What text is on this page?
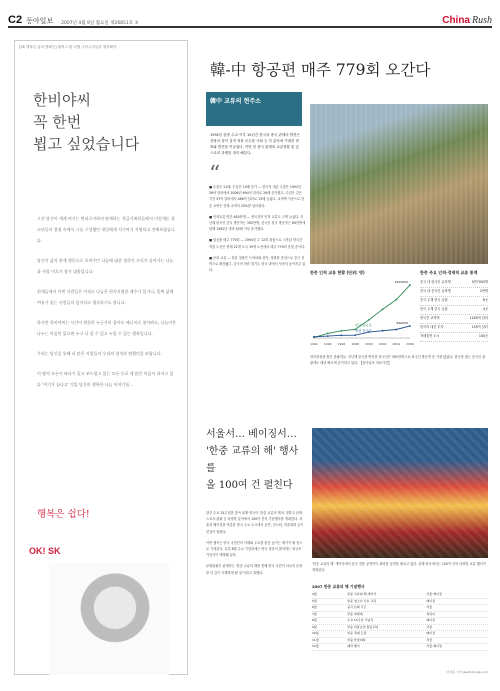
C2 동아일보 2007년 4월 9일 월요일 제26851호 ⑤	China Rush
[SK 행복한 삶의 캠페인] 뭘싸고 환 나꿨 국어주의일을 행복해야
한비야씨
꼭 한번
뵙고 싶었습니다

그건 당신이 세계 여기는 변리로이하며 탐색하는 천금가족한들에서 이렇게든 청소년들의 열정 속에서 그를 구성했던 내일에게 저기여기 저명되고 전해보였습니다.

당신이 삶의 현재 행동으로 보여주던 나눔에 대한 생각이 우리가 살아가는 나눔과 사랑 이으키 참가 대합입니다.

현재들에서 어떤 사람들은 아직도 나눔은 현지지명한 재주가 있거나, 훌쩍 삶에 여유가 있는 사람들의 몫이라고 생각하기도 합니다.

하지만 한비야씨는 시간이 원한한 누군가의 잡아오 에너지로 찾아봐도, 나눔이은 나누는 마음만 있으면 누구 나 할 수 있고 누입 수 있는 행복입니다.

우리는 당신을 통해 더 많은 사람들이 우리의 광석과 탐했던을 바랍니다.

이 땅의 모든이 바다가 있고 부드럽고 있는 모든 동료 데 많은 마음이 하지고 있다 '여기가 끝나고' 것입 당신의 행복한 나눔 이야기를...

행복은 쉽다!
OK! SK
韓-中 항공편 매주 779회 오간다
韓中 교류의 현주소
1992년 한중 수교 이후 15년간 한국과 중국 관계의 발전은 상당의 점이 질적 성장 모두를 사회 등 각 분야에 거대한 변화와 발전을 이끌었다. 이번 한 중국 관계의 교류현황 및 앞으로의 과제를 정리 해본다.
“

■ 수출은 21배, 수입은 10배 증가 — 한국의 대중 수출은 1992년 26억 달러에서 2006년 694억 달러로 26배 증가했고, 수입은 같은 기간 37억 달러에서 486억 달러로 13배 늘었다. 교역액 기준으로 한중 교역은 전체 교역의 20%를 넘어섰다.

■ 인적교류 연간 480만명 — 양국간의 인적 교류도 크게 늘었다. 지난해 한국인 중국 방문자는 392만명, 중국인 한국 방문자는 89만명에 달해 1992년 대비 30배 이상 증가했다.

■ 항공편 매주 779회 — 1994년 주 12회 취항으로 시작된 양국간 직항 노선은 현재 22개 도시 39개 노선에서 매주 779회 운항 중이다.

■ 문화 교류 — 한류 열풍은 드라마와 음악, 영화를 중심으로 중국 전역으로 확산됐고, 중국어 학습 열기도 한국 내에서 꾸준히 높아지고 있다.	한중 인적 교류 현황 (단위: 명)
1992 1994 1996 1998 2000 2002 2004 2006
방중 한국인
3920000
방한 중국인
890000
한중 주요 인적·경제적 교류 통계
중국 내 한국인 유학생	5만7000명
한국 내 중국인 유학생	2만명
중국 주재 한국 공관	6곳
한국 주재 중국 공관	4곳
양국간 교역액	1180억 달러
한국의 대중 투자	150억 달러
자매결연 도시	100곳
만리장성을 찾은 관광객들. 지난해 중국을 방문한 한국인은 392만명으로 외국인 방문객 중 가장 많았다. 한국을 찾는 중국인 관광객도 매년 빠르게 증가하고 있다. 【동아일보 자료사진】
서울서… 베이징서…
'한중 교류의 해' 행사를
올 100여 건 펼친다

한중 수교 15주년을 맞아 올해 양국이 '한중 교류의 해'로 정하고 문화·스포츠·관광 등 다양한 분야에서 100여 건의 기념행사를 개최한다. 서울과 베이징을 비롯한 양국 주요 도시에서 공연, 전시회, 학술대회 등이 잇달아 열린다.

이번 행사는 양국 국민간의 이해와 우호를 한층 높이는 계기가 될 것으로 기대된다. 특히 8월 수교 기념일에는 양국 정상이 참석하는 대규모 기념식이 예정돼 있다.

문화관광부 관계자는 '한중 교류의 해를 통해 양국 국민이 서로의 문화를 더 깊이 이해하게 될 것'이라고 말했다.

'한중 교류의 해' 개막식에서 중국 전통 공연단이 화려한 공연을 펼치고 있다. 올해 양국에서는 100여 건의 다양한 교류 행사가 개최된다.
2007 한중 교류의 해 기념행사
4월	한중 교류의 해 개막식	서울·베이징
5월	한중 청소년 우호 교류	베이징
6월	중국 문화 주간	서울
7월	한중 영화제	상하이
8월	수교 15주년 기념식	베이징
9월	한중 전통공연 합동무대	서울
10월	한중 경제 포럼	베이징
11월	한중 학술대회	서울
12월	폐막 행사	서울·베이징
이정훈 기자 jlee@donga.com
